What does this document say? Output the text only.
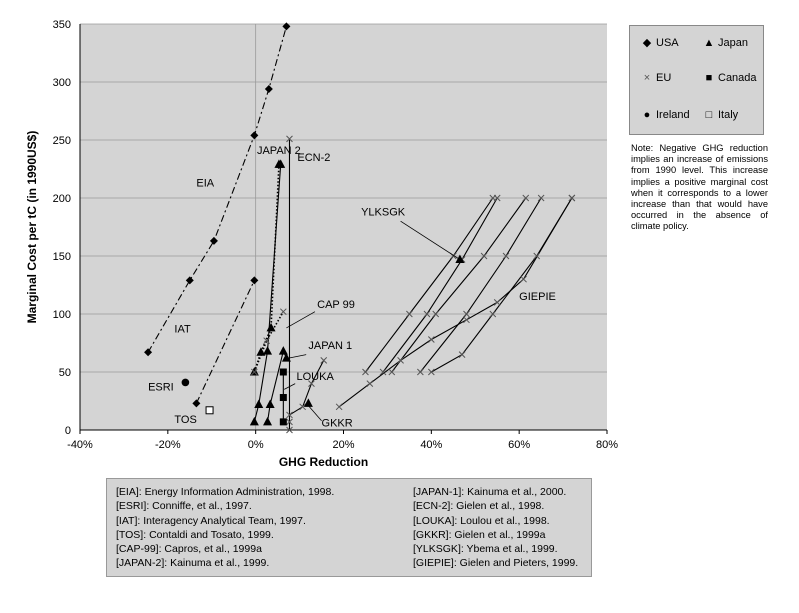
0
50
100
150
200
250
300
350
-40%	-20%	0%	20%	40%	60%	80%
GHG Reduction
Marginal Cost per tC (in 1990US$)	EIA
IAT
ESRI
TOS
JAPAN 2
ECN-2
CAP 99
JAPAN 1
LOUKA
GKKR
YLKSGK
GIEPIE
◆ USA ▲ Japan
× EU	■ Canada
● Ireland	□ Italy
Note: Negative GHG reduction implies an increase of emissions from 1990 level. This increase implies a positive marginal cost when it corresponds to a lower increase than that would have occurred in the absence of climate policy.
[EIA]: Energy Information Administration, 1998.
[ESRI]: Conniffe, et al., 1997.
[IAT]: Interagency Analytical Team, 1997.
[TOS]: Contaldi and Tosato, 1999.
[CAP-99]: Capros, et al., 1999a
[JAPAN-2]: Kainuma et al., 1999.
[JAPAN-1]: Kainuma et al., 2000.
[ECN-2]: Gielen et al., 1998.
[LOUKA]: Loulou et al., 1998.
[GKKR]: Gielen et al., 1999a
[YLKSGK]: Ybema et al., 1999.
[GIEPIE]: Gielen and Pieters, 1999.
